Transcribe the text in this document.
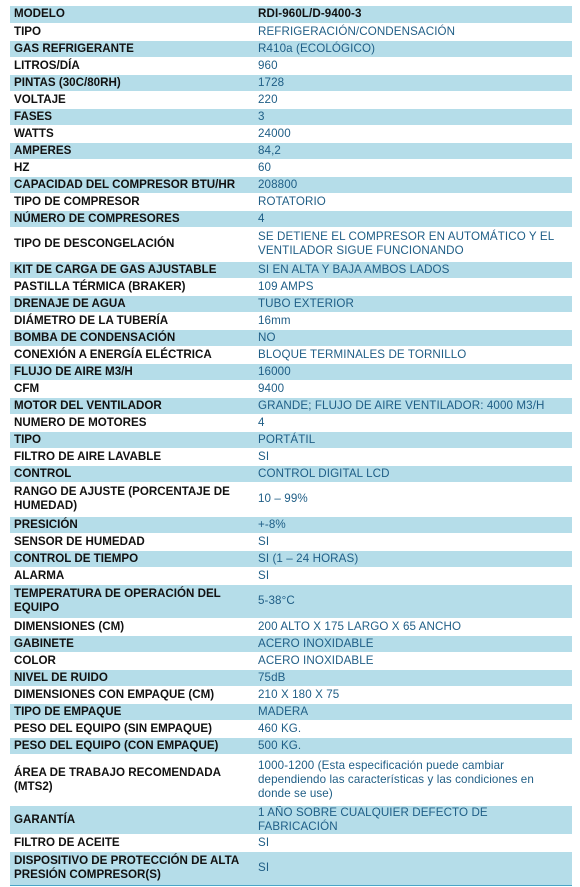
MODELO	RDI-960L/D-9400-3
TIPO	REFRIGERACIÓN/CONDENSACIÓN
GAS REFRIGERANTE	R410a (ECOLÓGICO)
LITROS/DÍA	960
PINTAS (30C/80RH)	1728
VOLTAJE	220
FASES	3
WATTS	24000
AMPERES	84,2
HZ	60
CAPACIDAD DEL COMPRESOR BTU/HR	208800
TIPO DE COMPRESOR	ROTATORIO
NÚMERO DE COMPRESORES	4
TIPO DE DESCONGELACIÓN	SE DETIENE EL COMPRESOR EN AUTOMÁTICO Y EL VENTILADOR SIGUE FUNCIONANDO
KIT DE CARGA DE GAS AJUSTABLE	SI EN ALTA Y BAJA AMBOS LADOS
PASTILLA TÉRMICA (BRAKER)	109 AMPS
DRENAJE DE AGUA	TUBO EXTERIOR
DIÁMETRO DE LA TUBERÍA	16mm
BOMBA DE CONDENSACIÓN	NO
CONEXIÓN A ENERGÍA ELÉCTRICA	BLOQUE TERMINALES DE TORNILLO
FLUJO DE AIRE M3/H	16000
CFM	9400
MOTOR DEL VENTILADOR	GRANDE; FLUJO DE AIRE VENTILADOR: 4000 M3/H
NUMERO DE MOTORES	4
TIPO	PORTÁTIL
FILTRO DE AIRE LAVABLE	SI
CONTROL	CONTROL DIGITAL LCD
RANGO DE AJUSTE (PORCENTAJE DE HUMEDAD)	10 – 99%
PRESICIÓN	+-8%
SENSOR DE HUMEDAD	SI
CONTROL DE TIEMPO	SI (1 – 24 HORAS)
ALARMA	SI
TEMPERATURA DE OPERACIÓN DEL EQUIPO	5-38°C
DIMENSIONES (CM)	200 ALTO X 175 LARGO X 65 ANCHO
GABINETE	ACERO INOXIDABLE
COLOR	ACERO INOXIDABLE
NIVEL DE RUIDO	75dB
DIMENSIONES CON EMPAQUE (CM)	210 X 180 X 75
TIPO DE EMPAQUE	MADERA
PESO DEL EQUIPO (SIN EMPAQUE)	460 KG.
PESO DEL EQUIPO (CON EMPAQUE)	500 KG.
ÁREA DE TRABAJO RECOMENDADA (MTS2)	1000-1200 (Esta especificación puede cambiar dependiendo las características y las condiciones en donde se use)
GARANTÍA	1 AÑO SOBRE CUALQUIER DEFECTO DE FABRICACIÓN
FILTRO DE ACEITE	SI
DISPOSITIVO DE PROTECCIÓN DE ALTA PRESIÓN COMPRESOR(S)	SI
